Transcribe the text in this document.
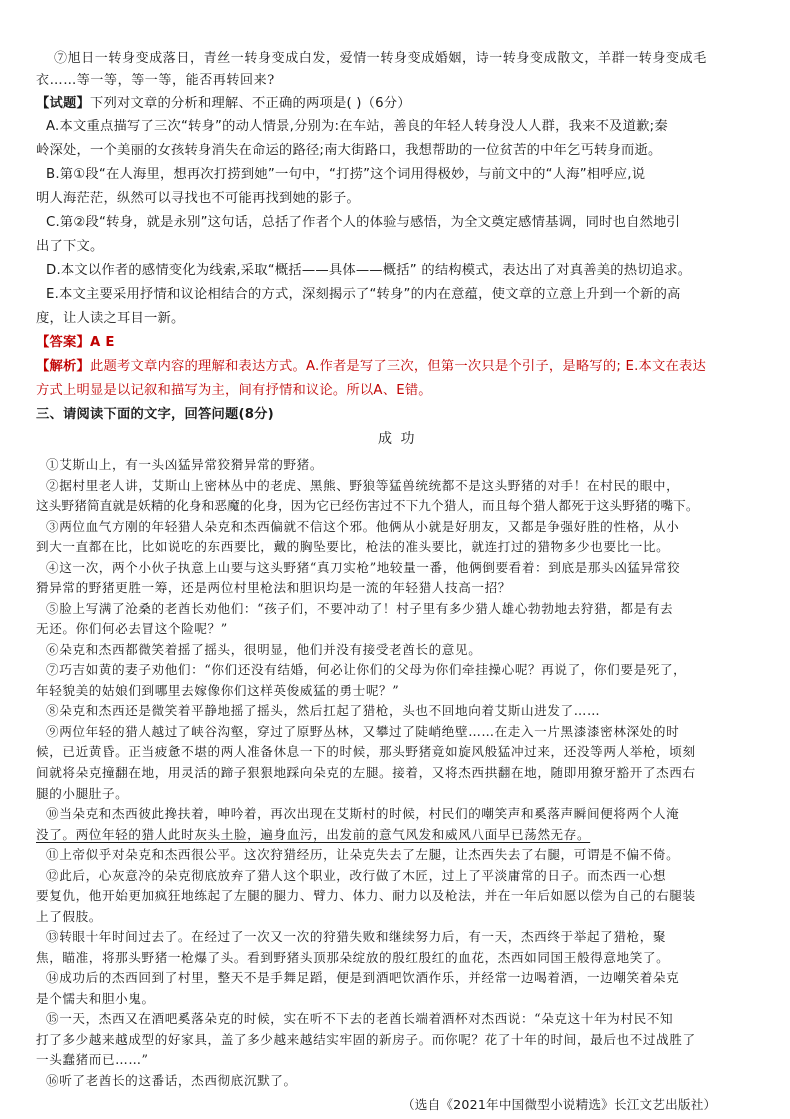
⑦旭日一转身变成落日，青丝一转身变成白发，爱情一转身变成婚姻，诗一转身变成散文，羊群一转身变成毛
衣……等一等，等一等，能否再转回来?
【试题】下列对文章的分析和理解、不正确的两项是( )（6分）
A.本文重点描写了三次“转身”的动人情景,分别为:在车站，善良的年轻人转身没人人群，我来不及道歉;秦
岭深处，一个美丽的女孩转身消失在命运的路径;南大街路口，我想帮助的一位贫苦的中年乞丐转身而逝。
B.第①段“在人海里，想再次打捞到她”一句中，“打捞”这个词用得极妙，与前文中的“人海”相呼应,说
明人海茫茫，纵然可以寻找也不可能再找到她的影子。
C.第②段“转身，就是永别”这句话，总括了作者个人的体验与感悟，为全文奠定感情基调，同时也自然地引
出了下文。
D.本文以作者的感情变化为线索,采取“概括——具体——概括” 的结构模式，表达出了对真善美的热切追求。
E.本文主要采用抒情和议论相结合的方式，深刻揭示了“转身”的内在意蕴，使文章的立意上升到一个新的高
度，让人读之耳目一新。
【答案】A E
【解析】此题考文章内容的理解和表达方式。A.作者是写了三次，但第一次只是个引子，是略写的; E.本文在表达
方式上明显是以记叙和描写为主，间有抒情和议论。所以A、E错。
三、请阅读下面的文字，回答问题(8分)
成 功
①艾斯山上，有一头凶猛异常狡猾异常的野猪。
②据村里老人讲，艾斯山上密林丛中的老虎、黑熊、野狼等猛兽统统都不是这头野猪的对手！在村民的眼中，
这头野猪简直就是妖精的化身和恶魔的化身，因为它已经伤害过不下九个猎人，而且每个猎人都死于这头野猪的嘴下。
③两位血气方刚的年轻猎人朵克和杰西偏就不信这个邪。他俩从小就是好朋友，又都是争强好胜的性格，从小
到大一直都在比，比如说吃的东西要比，戴的胸坠要比，枪法的准头要比，就连打过的猎物多少也要比一比。
④这一次，两个小伙子执意上山要与这头野猪“真刀实枪”地较量一番，他俩倒要看着：到底是那头凶猛异常狡
猾异常的野猪更胜一筹，还是两位村里枪法和胆识均是一流的年轻猎人技高一招？
⑤脸上写满了沧桑的老酋长劝他们：“孩子们，不要冲动了！村子里有多少猎人雄心勃勃地去狩猎，都是有去
无还。你们何必去冒这个险呢？”
⑥朵克和杰西都微笑着摇了摇头，很明显，他们并没有接受老酋长的意见。
⑦巧吉如黄的妻子劝他们：“你们还没有结婚，何必让你们的父母为你们牵挂操心呢？再说了，你们要是死了，
年轻貌美的姑娘们到哪里去嫁像你们这样英俊威猛的勇士呢？”
⑧朵克和杰西还是微笑着平静地摇了摇头，然后扛起了猎枪，头也不回地向着艾斯山进发了……
⑨两位年轻的猎人越过了峡谷沟壑，穿过了原野丛林，又攀过了陡峭绝壁……在走入一片黑漆漆密林深处的时
候，已近黄昏。正当疲惫不堪的两人准备休息一下的时候，那头野猪竟如旋风般猛冲过来，还没等两人举枪，顷刻
间就将朵克撞翻在地，用灵活的蹄子狠狠地踩向朵克的左腿。接着，又将杰西拱翻在地，随即用獠牙豁开了杰西右
腿的小腿肚子。
⑩当朵克和杰西彼此搀扶着，呻吟着，再次出现在艾斯村的时候，村民们的嘲笑声和奚落声瞬间便将两个人淹
没了。两位年轻的猎人此时灰头土脸，遍身血污，出发前的意气风发和威风八面早已荡然无存。
⑪上帝似乎对朵克和杰西很公平。这次狩猎经历，让朵克失去了左腿，让杰西失去了右腿，可谓是不偏不倚。
⑫此后，心灰意冷的朵克彻底放弃了猎人这个职业，改行做了木匠，过上了平淡庸常的日子。而杰西一心想
要复仇，他开始更加疯狂地练起了左腿的腿力、臂力、体力、耐力以及枪法，并在一年后如愿以偿为自己的右腿装
上了假肢。
⑬转眼十年时间过去了。在经过了一次又一次的狩猎失败和继续努力后，有一天，杰西终于举起了猎枪，聚
焦，瞄准，将那头野猪一枪爆了头。看到野猪头顶那朵绽放的殷红殷红的血花，杰西如同国王般得意地笑了。
⑭成功后的杰西回到了村里，整天不是手舞足蹈，便是到酒吧饮酒作乐，并经常一边喝着酒，一边嘲笑着朵克
是个懦夫和胆小鬼。
⑮一天，杰西又在酒吧奚落朵克的时候，实在听不下去的老酋长端着酒杯对杰西说：“朵克这十年为村民不知
打了多少越来越成型的好家具，盖了多少越来越结实牢固的新房子。而你呢？花了十年的时间，最后也不过战胜了
一头蠢猪而已……”
⑯听了老酋长的这番话，杰西彻底沉默了。
（选自《2021年中国微型小说精选》长江文艺出版社）
